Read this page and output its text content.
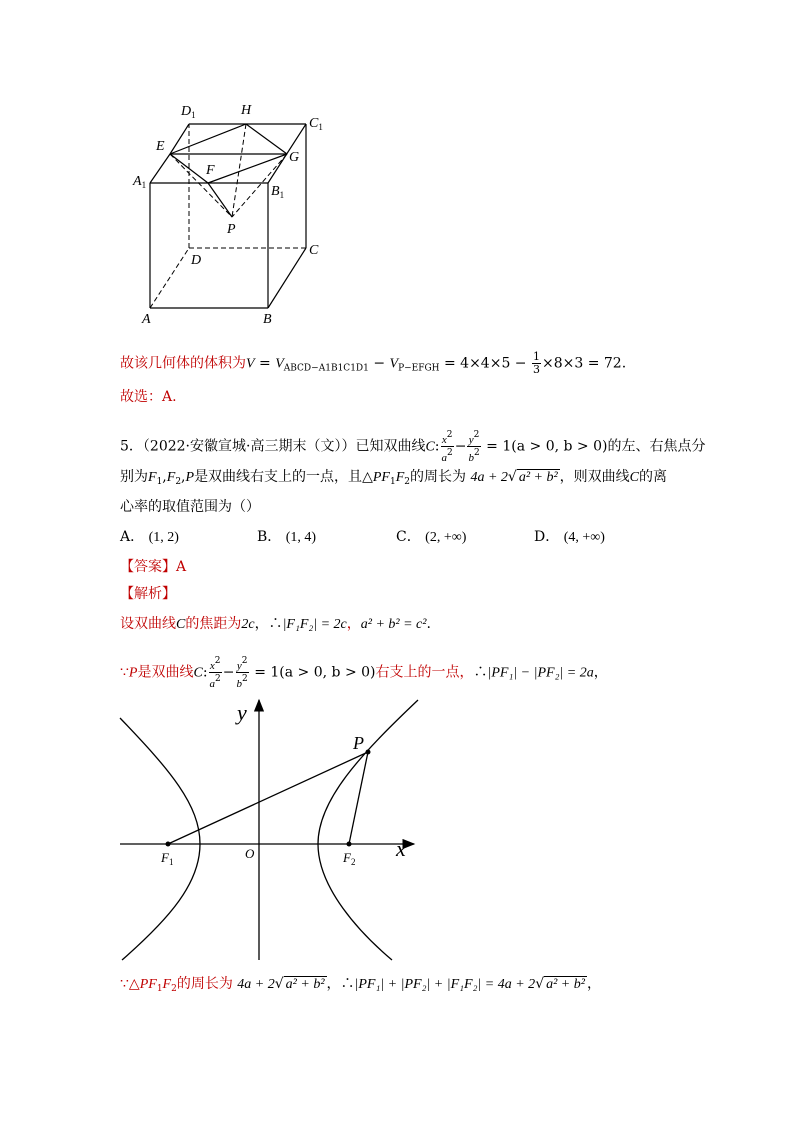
$D_1$	H
$C_1$
E
G
F
$A_1$	$B_1$
P
D
C
A	B
故该几何体的体积为$V = V_{ABCD-A1B1C1D1} - V_{P-EFGH} = 4\times 4\times 5 - \frac{1}{3} \times 8\times 3 = 72$.
故选：A.
5．（2022·安徽宣城·高三期末（文））已知双曲线C: $\frac{x^2}{a^2} - \frac{y^2}{b^2} = 1(a > 0$, b > 0)的左、右焦点分
别为$F_1,F_2,P$是双曲线右支上的一点，且$\triangle PF_1F_2$的周长为 4a + 2√ a² + b² ，则双曲线C的离
心率的取值范围为（）
A． (1, 2)	B． (1, 4)	C． (2, +∞)	D． (4, +∞)
【答案】A
【解析】
设双曲线C的焦距为2c，∴|F₁F₂| = 2c，a² + b² = c².
∵P是双曲线C: $\frac{x^2}{a^2} - \frac{y^2}{b^2} = 1(a > 0$, b > 0)右支上的一点，∴|PF₁| − |PF₂| = 2a，
y
x
P
O
$F_1$	$F_2$
$\because\triangle PF_1F_2$的周长为 4a + 2√ a² + b² ，∴|PF₁| + |PF₂| + |F₁F₂| = 4a + 2√ a² + b² ，
